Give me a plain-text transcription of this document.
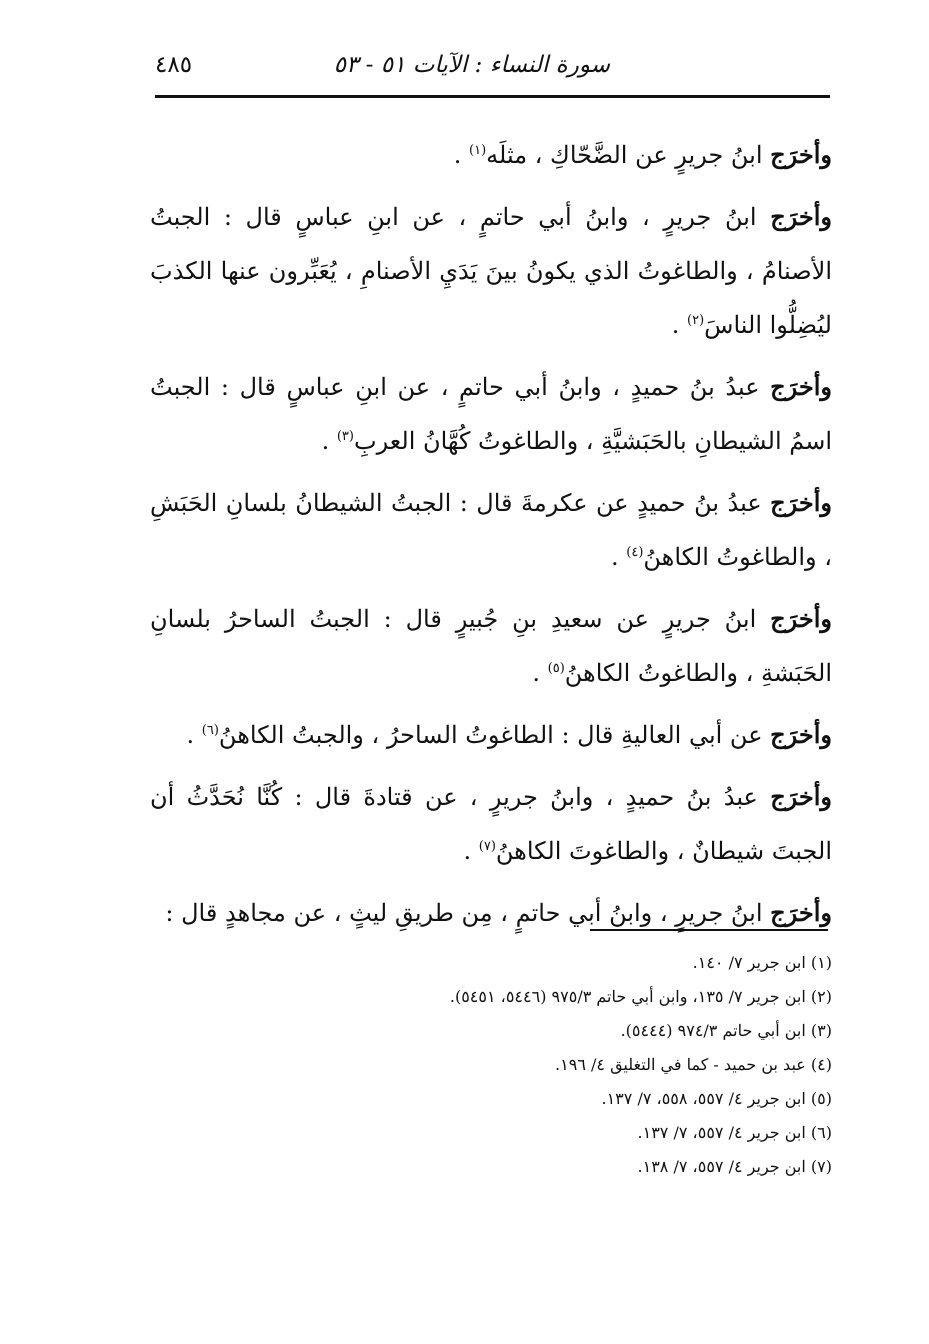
سورة النساء : الآيات ٥١ - ٥٣
٤٨٥

وأخرَج ابنُ جريرٍ عن الضَّحّاكِ ، مثلَه$^{(١)}$ .

وأخرَج ابنُ جريرٍ ، وابنُ أبي حاتمٍ ، عن ابنِ عباسٍ قال : الجبتُ الأصنامُ ، والطاغوتُ الذي يكونُ بينَ يَدَيِ الأصنامِ ، يُعَبِّرون عنها الكذبَ ليُضِلُّوا الناسَ$^{(٢)}$ .

وأخرَج عبدُ بنُ حميدٍ ، وابنُ أبي حاتمٍ ، عن ابنِ عباسٍ قال : الجبتُ اسمُ الشيطانِ بالحَبَشيَّةِ ، والطاغوتُ كُهَّانُ العربِ$^{(٣)}$ .

وأخرَج عبدُ بنُ حميدٍ عن عكرمةَ قال : الجبتُ الشيطانُ بلسانِ الحَبَشِ ، والطاغوتُ الكاهنُ$^{(٤)}$ .

وأخرَج ابنُ جريرٍ عن سعيدِ بنِ جُبيرٍ قال : الجبتُ الساحرُ بلسانِ الحَبَشةِ ، والطاغوتُ الكاهنُ$^{(٥)}$ .

وأخرَج عن أبي العاليةِ قال : الطاغوتُ الساحرُ ، والجبتُ الكاهنُ$^{(٦)}$ .

وأخرَج عبدُ بنُ حميدٍ ، وابنُ جريرٍ ، عن قتادةَ قال : كُنَّا نُحَدَّثُ أن الجبتَ شيطانٌ ، والطاغوتَ الكاهنُ$^{(٧)}$ .

وأخرَج ابنُ جريرٍ ، وابنُ أبي حاتمٍ ، مِن طريقِ ليثٍ ، عن مجاهدٍ قال :

(١) ابن جرير ٧/ ١٤٠.

(٢) ابن جرير ٧/ ١٣٥، وابن أبي حاتم ٩٧٥/٣ (٥٤٤٦، ٥٤٥١).

(٣) ابن أبي حاتم ٩٧٤/٣ (٥٤٤٤).

(٤) عبد بن حميد - كما في التغليق ٤/ ١٩٦.

(٥) ابن جرير ٤/ ٥٥٧، ٥٥٨، ٧/ ١٣٧.

(٦) ابن جرير ٤/ ٥٥٧، ٧/ ١٣٧.

(٧) ابن جرير ٤/ ٥٥٧، ٧/ ١٣٨.
